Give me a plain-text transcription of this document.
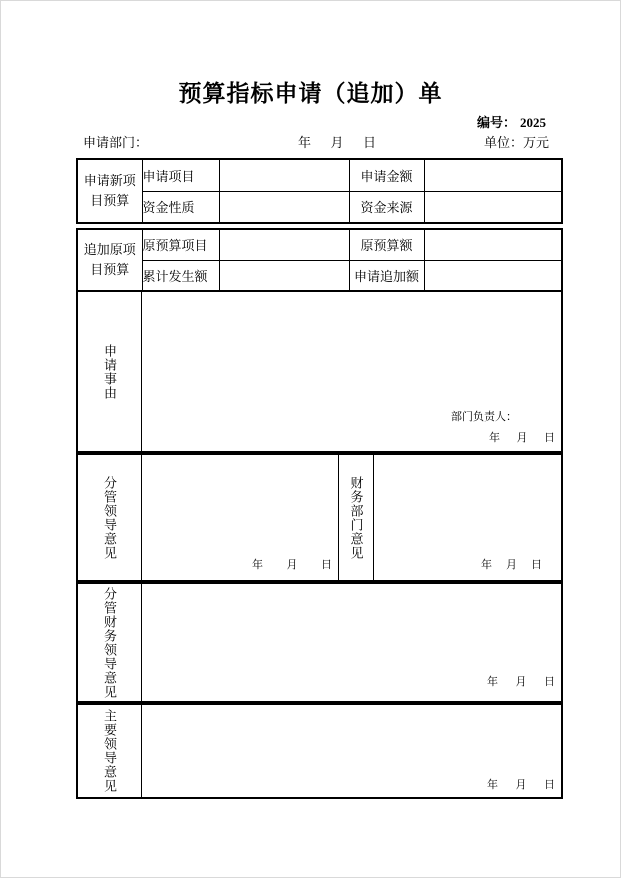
预算指标申请（追加）单
编号： 2025
申请部门：	年 月 日	单位：万元
申请新项目预算	申请项目		申请金额	
	资金性质		资金来源	
追加原项目预算	原预算项目		原预算额	
	累计发生额		申请追加额	
申请事由
部门负责人：
年 月 日
分管领导意见
年 月 日
财务部门意见
年 月 日
分管财务领导意见	年 月 日
主要领导意见	年 月 日
